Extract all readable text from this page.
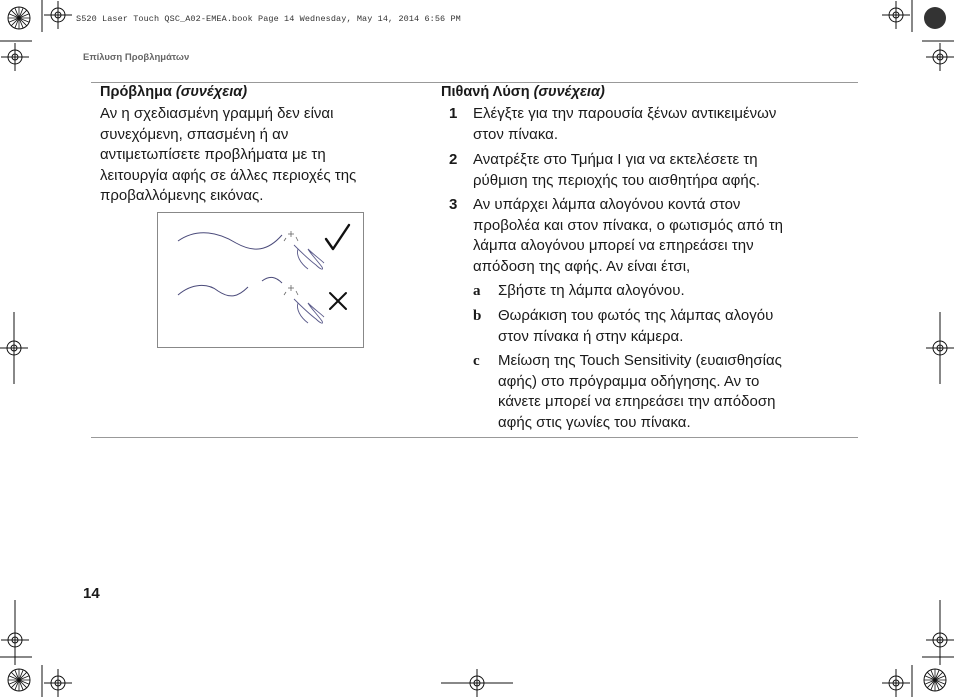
S520 Laser Touch QSC_A02-EMEA.book Page 14 Wednesday, May 14, 2014 6:56 PM
Επίλυση Προβλημάτων
Πρόβλημα (συνέχεια)
Αν η σχεδιασμένη γραμμή δεν είναι
συνεχόμενη, σπασμένη ή αν
αντιμετωπίσετε προβλήματα με τη
λειτουργία αφής σε άλλες περιοχές της
προβαλλόμενης εικόνας.
Πιθανή Λύση (συνέχεια)
1 Ελέγξτε για την παρουσία ξένων αντικειμένων
στον πίνακα.
2 Ανατρέξτε στο Τμήμα I για να εκτελέσετε τη
ρύθμιση της περιοχής του αισθητήρα αφής.
3 Αν υπάρχει λάμπα αλογόνου κοντά στον
προβολέα και στον πίνακα, ο φωτισμός από τη
λάμπα αλογόνου μπορεί να επηρεάσει την
απόδοση της αφής. Αν είναι έτσι,
a Σβήστε τη λάμπα αλογόνου.
b Θωράκιση του φωτός της λάμπας αλογόυ
στον πίνακα ή στην κάμερα.
c Μείωση της Touch Sensitivity (ευαισθησίας
αφής) στο πρόγραμμα οδήγησης. Αν το
κάνετε μπορεί να επηρεάσει την απόδοση
αφής στις γωνίες του πίνακα.
14
